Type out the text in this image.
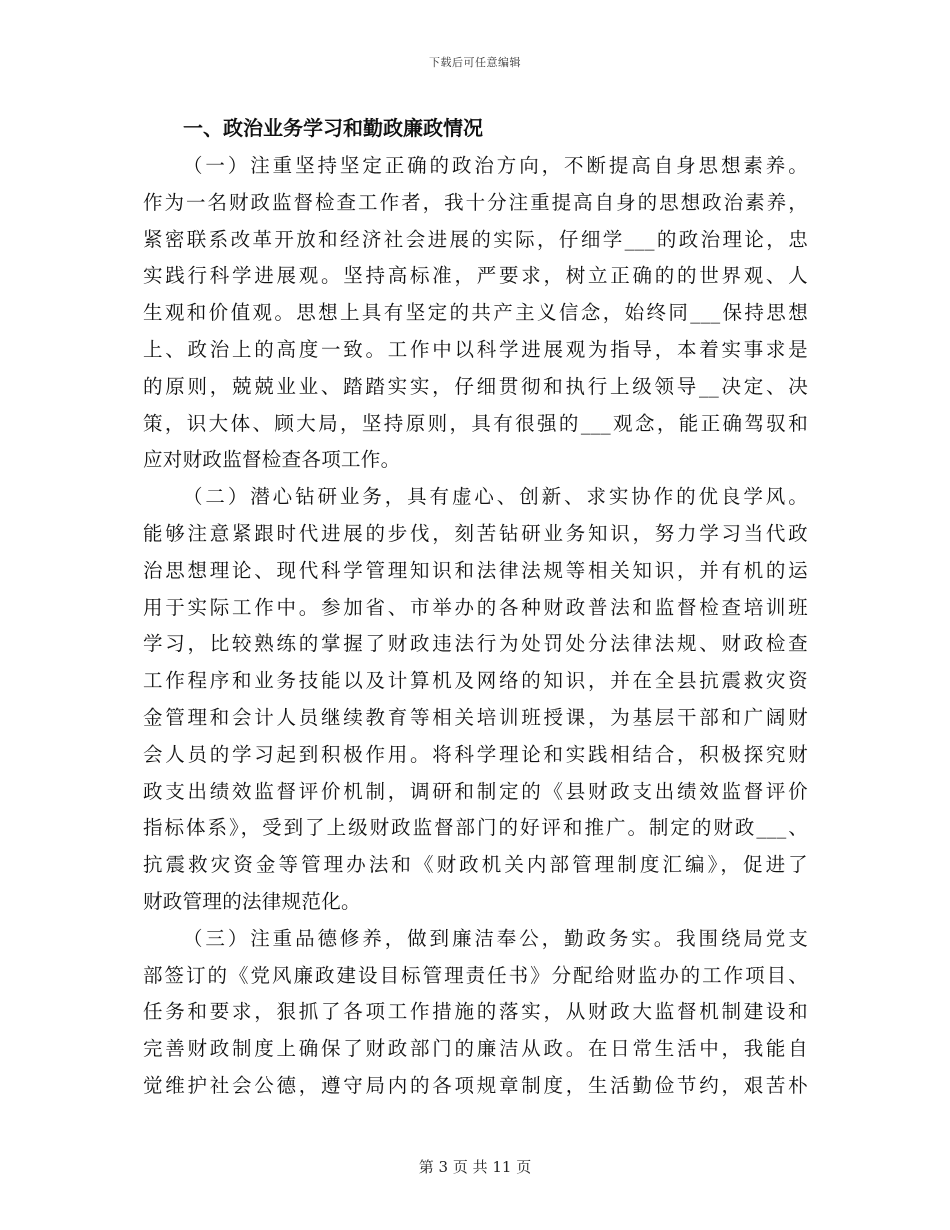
下载后可任意编辑
一、政治业务学习和勤政廉政情况
（一）注重坚持坚定正确的政治方向，不断提高自身思想素养。
作为一名财政监督检查工作者，我十分注重提高自身的思想政治素养，
紧密联系改革开放和经济社会进展的实际，仔细学___的政治理论，忠
实践行科学进展观。坚持高标准，严要求，树立正确的的世界观、人
生观和价值观。思想上具有坚定的共产主义信念，始终同___保持思想
上、政治上的高度一致。工作中以科学进展观为指导，本着实事求是
的原则，兢兢业业、踏踏实实，仔细贯彻和执行上级领导__决定、决
策，识大体、顾大局，坚持原则，具有很强的___观念，能正确驾驭和
应对财政监督检查各项工作。
（二）潜心钻研业务，具有虚心、创新、求实协作的优良学风。
能够注意紧跟时代进展的步伐，刻苦钻研业务知识，努力学习当代政
治思想理论、现代科学管理知识和法律法规等相关知识，并有机的运
用于实际工作中。参加省、市举办的各种财政普法和监督检查培训班
学习，比较熟练的掌握了财政违法行为处罚处分法律法规、财政检查
工作程序和业务技能以及计算机及网络的知识，并在全县抗震救灾资
金管理和会计人员继续教育等相关培训班授课，为基层干部和广阔财
会人员的学习起到积极作用。将科学理论和实践相结合，积极探究财
政支出绩效监督评价机制，调研和制定的《县财政支出绩效监督评价
指标体系》，受到了上级财政监督部门的好评和推广。制定的财政___、
抗震救灾资金等管理办法和《财政机关内部管理制度汇编》，促进了
财政管理的法律规范化。
（三）注重品德修养，做到廉洁奉公，勤政务实。我围绕局党支
部签订的《党风廉政建设目标管理责任书》分配给财监办的工作项目、
任务和要求，狠抓了各项工作措施的落实，从财政大监督机制建设和
完善财政制度上确保了财政部门的廉洁从政。在日常生活中，我能自
觉维护社会公德，遵守局内的各项规章制度，生活勤俭节约，艰苦朴
第 3 页 共 11 页
